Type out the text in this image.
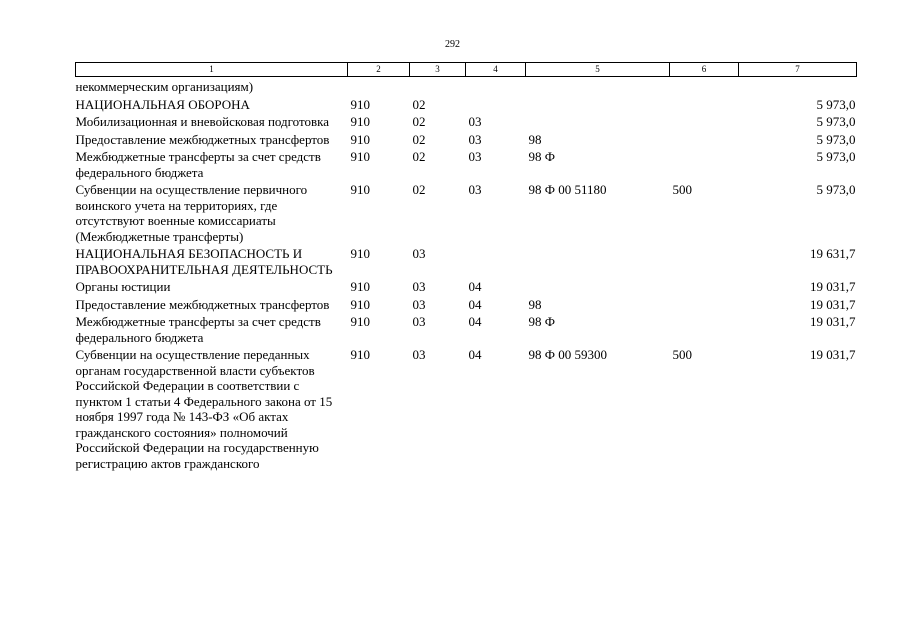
292
1	2	3	4	5	6	7
некоммерческим организациям)						
НАЦИОНАЛЬНАЯ ОБОРОНА	910	02				5 973,0
Мобилизационная и вневойсковая подготовка	910	02	03			5 973,0
Предоставление межбюджетных трансфертов	910	02	03	98		5 973,0
Межбюджетные трансферты за счет средств федерального бюджета	910	02	03	98 Ф		5 973,0
Субвенции на осуществление первичного воинского учета на территориях, где отсутствуют военные комиссариаты (Межбюджетные трансферты)	910	02	03	98 Ф 00 51180	500	5 973,0
НАЦИОНАЛЬНАЯ БЕЗОПАСНОСТЬ И ПРАВООХРАНИТЕЛЬНАЯ ДЕЯТЕЛЬНОСТЬ	910	03				19 631,7
Органы юстиции	910	03	04			19 031,7
Предоставление межбюджетных трансфертов	910	03	04	98		19 031,7
Межбюджетные трансферты за счет средств федерального бюджета	910	03	04	98 Ф		19 031,7
Субвенции на осуществление переданных органам государственной власти субъектов Российской Федерации в соответствии с пунктом 1 статьи 4 Федерального закона от 15 ноября 1997 года № 143-ФЗ «Об актах гражданского состояния» полномочий Российской Федерации на государственную регистрацию актов гражданского	910	03	04	98 Ф 00 59300	500	19 031,7
